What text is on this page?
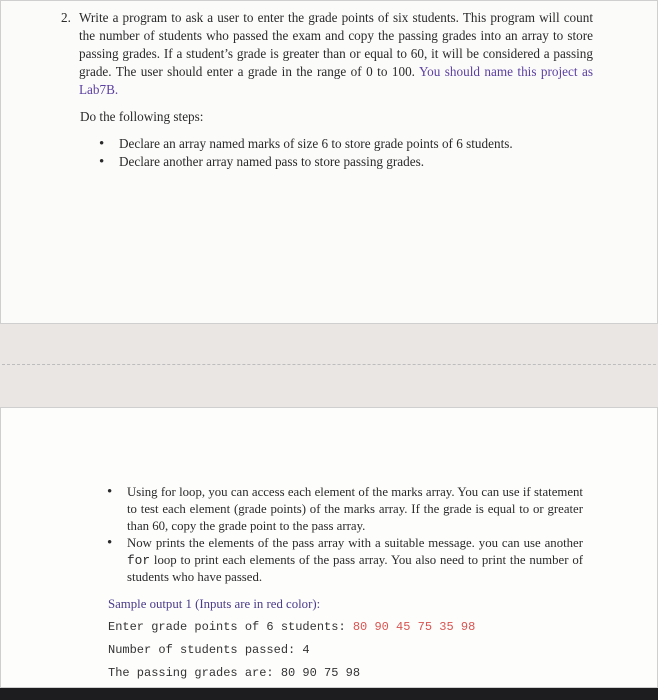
2. Write a program to ask a user to enter the grade points of six students. This program will count the number of students who passed the exam and copy the passing grades into an array to store passing grades. If a student’s grade is greater than or equal to 60, it will be considered a passing grade. The user should enter a grade in the range of 0 to 100. You should name this project as Lab7B.

Do the following steps:

• Declare an array named marks of size 6 to store grade points of 6 students.
• Declare another array named pass to store passing grades.
• Using for loop, you can access each element of the marks array. You can use if statement to test each element (grade points) of the marks array. If the grade is equal to or greater than 60, copy the grade point to the pass array.
• Now prints the elements of the pass array with a suitable message. you can use another for loop to print each elements of the pass array. You also need to print the number of students who have passed.

Sample output 1 (Inputs are in red color):

Enter grade points of 6 students: 80 90 45 75 35 98
Number of students passed: 4
The passing grades are: 80 90 75 98
